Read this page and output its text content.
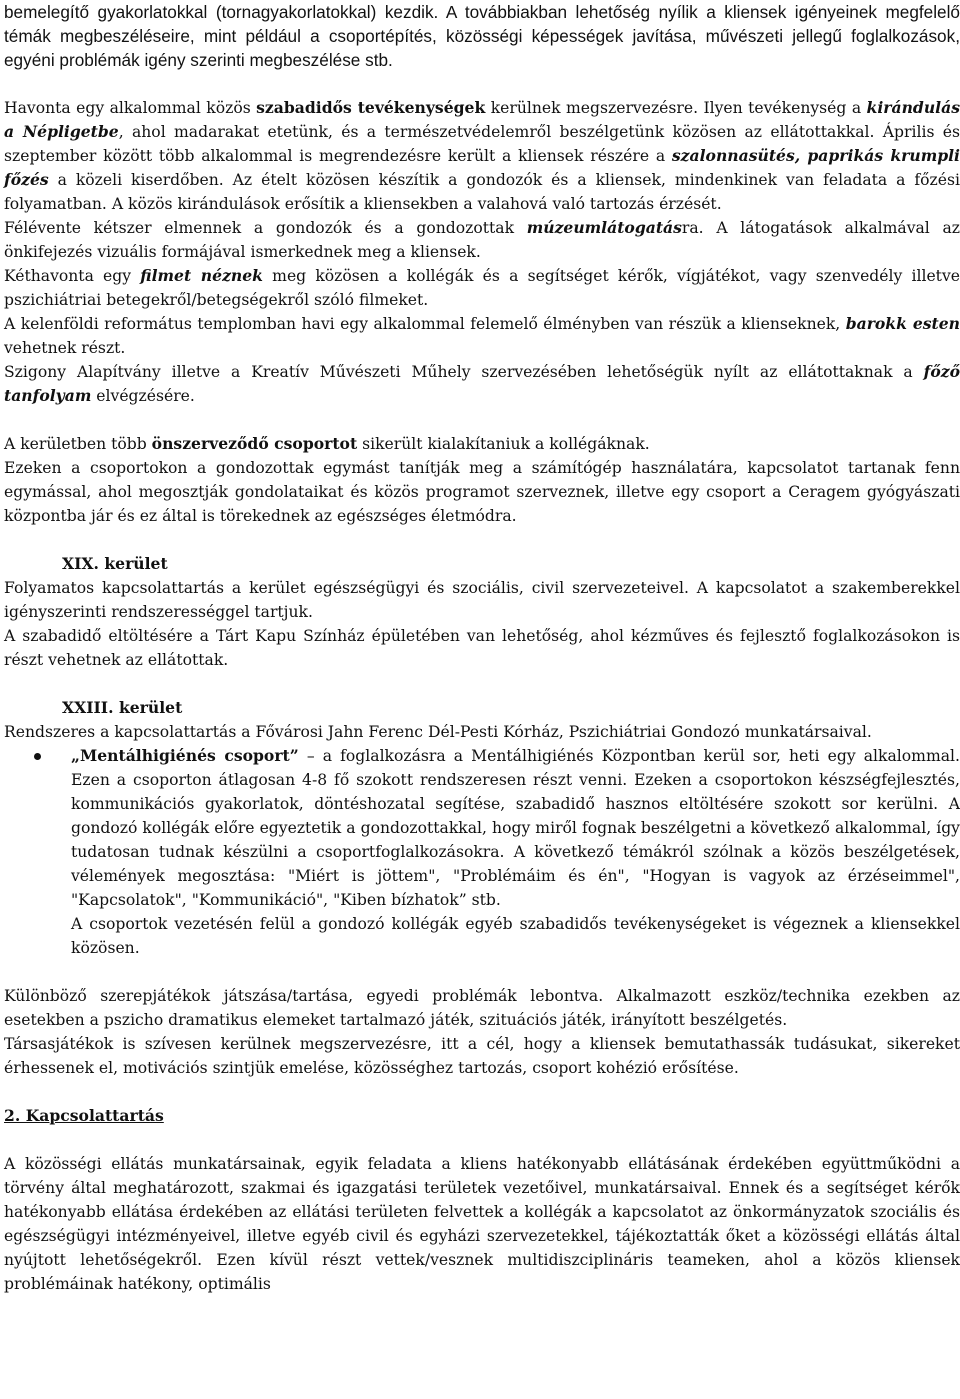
bemelegítő gyakorlatokkal (tornagyakorlatokkal) kezdik. A továbbiakban lehetőség nyílik a kliensek igényeinek megfelelő témák megbeszéléseire, mint például a csoportépítés, közösségi képességek javítása, művészeti jellegű foglalkozások, egyéni problémák igény szerinti megbeszélése stb.

Havonta egy alkalommal közös szabadidős tevékenységek kerülnek megszervezésre. Ilyen tevékenység a kirándulás a Népligetbe, ahol madarakat etetünk, és a természetvédelemről beszélgetünk közösen az ellátottakkal. Április és szeptember között több alkalommal is megrendezésre került a kliensek részére a szalonnasütés, paprikás krumpli főzés a közeli kiserdőben. Az ételt közösen készítik a gondozók és a kliensek, mindenkinek van feladata a főzési folyamatban. A közös kirándulások erősítik a kliensekben a valahová való tartozás érzését.

Félévente kétszer elmennek a gondozók és a gondozottak múzeumlátogatásra. A látogatások alkalmával az önkifejezés vizuális formájával ismerkednek meg a kliensek.

Kéthavonta egy filmet néznek meg közösen a kollégák és a segítséget kérők, vígjátékot, vagy szenvedély illetve pszichiátriai betegekről/betegségekről szóló filmeket.

A kelenföldi református templomban havi egy alkalommal felemelő élményben van részük a klienseknek, barokk esten vehetnek részt.

Szigony Alapítvány illetve a Kreatív Művészeti Műhely szervezésében lehetőségük nyílt az ellátottaknak a főző tanfolyam elvégzésére.

A kerületben több önszerveződő csoportot sikerült kialakítaniuk a kollégáknak.

Ezeken a csoportokon a gondozottak egymást tanítják meg a számítógép használatára, kapcsolatot tartanak fenn egymással, ahol megosztják gondolataikat és közös programot szerveznek, illetve egy csoport a Ceragem gyógyászati központba jár és ez által is törekednek az egészséges életmódra.

XIX. kerület

Folyamatos kapcsolattartás a kerület egészségügyi és szociális, civil szervezeteivel. A kapcsolatot a szakemberekkel igényszerinti rendszerességgel tartjuk.

A szabadidő eltöltésére a Tárt Kapu Színház épületében van lehetőség, ahol kézműves és fejlesztő foglalkozásokon is részt vehetnek az ellátottak.

XXIII. kerület

Rendszeres a kapcsolattartás a Fővárosi Jahn Ferenc Dél-Pesti Kórház, Pszichiátriai Gondozó munkatársaival.

„Mentálhigiénés csoport” – a foglalkozásra a Mentálhigiénés Központban kerül sor, heti egy alkalommal. Ezen a csoporton átlagosan 4-8 fő szokott rendszeresen részt venni. Ezeken a csoportokon készségfejlesztés, kommunikációs gyakorlatok, döntéshozatal segítése, szabadidő hasznos eltöltésére szokott sor kerülni. A gondozó kollégák előre egyeztetik a gondozottakkal, hogy miről fognak beszélgetni a következő alkalommal, így tudatosan tudnak készülni a csoportfoglalkozásokra. A következő témákról szólnak a közös beszélgetések, vélemények megosztása: "Miért is jöttem", "Problémáim és én", "Hogyan is vagyok az érzéseimmel", "Kapcsolatok", "Kommunikáció", "Kiben bízhatok” stb.

A csoportok vezetésén felül a gondozó kollégák egyéb szabadidős tevékenységeket is végeznek a kliensekkel közösen.

Különböző szerepjátékok játszása/tartása, egyedi problémák lebontva. Alkalmazott eszköz/technika ezekben az esetekben a pszicho dramatikus elemeket tartalmazó játék, szituációs játék, irányított beszélgetés.

Társasjátékok is szívesen kerülnek megszervezésre, itt a cél, hogy a kliensek bemutathassák tudásukat, sikereket érhessenek el, motivációs szintjük emelése, közösséghez tartozás, csoport kohézió erősítése.

2. Kapcsolattartás

A közösségi ellátás munkatársainak, egyik feladata a kliens hatékonyabb ellátásának érdekében együttműködni a törvény által meghatározott, szakmai és igazgatási területek vezetőivel, munkatársaival. Ennek és a segítséget kérők hatékonyabb ellátása érdekében az ellátási területen felvettek a kollégák a kapcsolatot az önkormányzatok szociális és egészségügyi intézményeivel, illetve egyéb civil és egyházi szervezetekkel, tájékoztatták őket a közösségi ellátás által nyújtott lehetőségekről. Ezen kívül részt vettek/vesznek multidiszciplináris teameken, ahol a közös kliensek problémáinak hatékony, optimális
